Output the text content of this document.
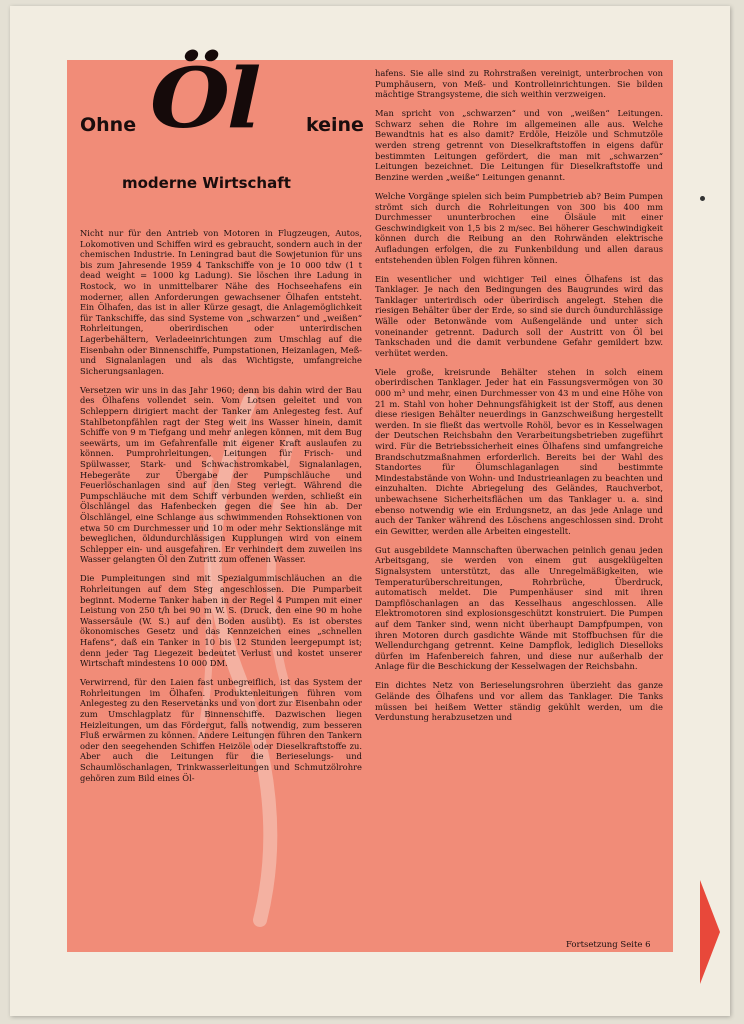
Ohne Öl	keine
moderne Wirtschaft

Nicht nur für den Antrieb von Motoren in Flugzeugen, Autos, Lokomotiven und Schiffen wird es gebraucht, sondern auch in der chemischen Industrie. In Leningrad baut die Sowjetunion für uns bis zum Jahresende 1959 4 Tankschiffe von je 10 000 tdw (1 t dead weight = 1000 kg Ladung). Sie löschen ihre Ladung in Rostock, wo in unmittelbarer Nähe des Hochseehafens ein moderner, allen Anforderungen gewachsener Ölhafen entsteht. Ein Ölhafen, das ist in aller Kürze gesagt, die Anlagemöglichkeit für Tankschiffe, das sind Systeme von „schwarzen“ und „weißen“ Rohrleitungen, oberirdischen oder unterirdischen Lagerbehältern, Verladeeinrichtungen zum Umschlag auf die Eisenbahn oder Binnenschiffe, Pumpstationen, Heizanlagen, Meß- und Signalanlagen und als das Wichtigste, umfangreiche Sicherungsanlagen.

Versetzen wir uns in das Jahr 1960; denn bis dahin wird der Bau des Ölhafens vollendet sein. Vom Lotsen geleitet und von Schleppern dirigiert macht der Tanker am Anlegesteg fest. Auf Stahlbetonpfählen ragt der Steg weit ins Wasser hinein, damit Schiffe von 9 m Tiefgang und mehr anlegen können, mit dem Bug seewärts, um im Gefahrenfalle mit eigener Kraft auslaufen zu können. Pumprohrleitungen, Leitungen für Frisch- und Spülwasser, Stark- und Schwachstromkabel, Signalanlagen, Hebegeräte zur Übergabe der Pumpschläuche und Feuerlöschanlagen sind auf den Steg verlegt. Während die Pumpschläuche mit dem Schiff verbunden werden, schließt ein Ölschlängel das Hafenbecken gegen die See hin ab. Der Ölschlängel, eine Schlange aus schwimmenden Rohsektionen von etwa 50 cm Durchmesser und 10 m oder mehr Sektionslänge mit beweglichen, öldundurchlässigen Kupplungen wird von einem Schlepper ein- und ausgefahren. Er verhindert dem zuweilen ins Wasser gelangten Öl den Zutritt zum offenen Wasser.

Die Pumpleitungen sind mit Spezialgummischläuchen an die Rohrleitungen auf dem Steg angeschlossen. Die Pumparbeit beginnt. Moderne Tanker haben in der Regel 4 Pumpen mit einer Leistung von 250 t/h bei 90 m W. S. (Druck, den eine 90 m hohe Wassersäule (W. S.) auf den Boden ausübt). Es ist oberstes ökonomisches Gesetz und das Kennzeichen eines „schnellen Hafens“, daß ein Tanker in 10 bis 12 Stunden leergepumpt ist; denn jeder Tag Liegezeit bedeutet Verlust und kostet unserer Wirtschaft mindestens 10 000 DM.

Verwirrend, für den Laien fast unbegreiflich, ist das System der Rohrleitungen im Ölhafen. Produktenleitungen führen vom Anlegesteg zu den Reservetanks und von dort zur Eisenbahn oder zum Umschlagplatz für Binnenschiffe. Dazwischen liegen Heizleitungen, um das Fördergut, falls notwendig, zum besseren Fluß erwärmen zu können. Andere Leitungen führen den Tankern oder den seegehenden Schiffen Heizöle oder Dieselkraftstoffe zu. Aber auch die Leitungen für die Berieselungs- und Schaumlöschanlagen, Trinkwasserleitungen und Schmutzölrohre gehören zum Bild eines Öl-

hafens. Sie alle sind zu Rohrstraßen vereinigt, unterbrochen von Pumphäusern, von Meß- und Kontrolleinrichtungen. Sie bilden mächtige Strangsysteme, die sich weithin verzweigen.

Man spricht von „schwarzen“ und von „weißen“ Leitungen. Schwarz sehen die Rohre im allgemeinen alle aus. Welche Bewandtnis hat es also damit? Erdöle, Heizöle und Schmutzöle werden streng getrennt von Dieselkraftstoffen in eigens dafür bestimmten Leitungen gefördert, die man mit „schwarzen“ Leitungen bezeichnet. Die Leitungen für Dieselkraftstoffe und Benzine werden „weiße“ Leitungen genannt.

Welche Vorgänge spielen sich beim Pumpbetrieb ab? Beim Pumpen strömt sich durch die Rohrleitungen von 300 bis 400 mm Durchmesser ununterbrochen eine Ölsäule mit einer Geschwindigkeit von 1,5 bis 2 m/sec. Bei höherer Geschwindigkeit können durch die Reibung an den Rohrwänden elektrische Aufladungen erfolgen, die zu Funkenbildung und allen daraus entstehenden üblen Folgen führen können.

Ein wesentlicher und wichtiger Teil eines Ölhafens ist das Tanklager. Je nach den Bedingungen des Baugrundes wird das Tanklager unterirdisch oder überirdisch angelegt. Stehen die riesigen Behälter über der Erde, so sind sie durch öundurchlässige Wälle oder Betonwände vom Außengelände und unter sich voneinander getrennt. Dadurch soll der Austritt von Öl bei Tankschaden und die damit verbundene Gefahr gemildert bzw. verhütet werden.

Viele große, kreisrunde Behälter stehen in solch einem oberirdischen Tanklager. Jeder hat ein Fassungsvermögen von 30 000 m³ und mehr, einen Durchmesser von 43 m und eine Höhe von 21 m. Stahl von hoher Dehnungsfähigkeit ist der Stoff, aus denen diese riesigen Behälter neuerdings in Ganzschweißung hergestellt werden. In sie fließt das wertvolle Rohöl, bevor es in Kesselwagen der Deutschen Reichsbahn den Verarbeitungsbetrieben zugeführt wird. Für die Betriebssicherheit eines Ölhafens sind umfangreiche Brandschutzmaßnahmen erforderlich. Bereits bei der Wahl des Standortes für Ölumschlaganlagen sind bestimmte Mindestabstände von Wohn- und Industrieanlagen zu beachten und einzuhalten. Dichte Abriegelung des Geländes, Rauchverbot, unbewachsene Sicherheitsflächen um das Tanklager u. a. sind ebenso notwendig wie ein Erdungsnetz, an das jede Anlage und auch der Tanker während des Löschens angeschlossen sind. Droht ein Gewitter, werden alle Arbeiten eingestellt.

Gut ausgebildete Mannschaften überwachen peinlich genau jeden Arbeitsgang, sie werden von einem gut ausgeklügelten Signalsystem unterstützt, das alle Unregelmäßigkeiten, wie Temperaturüberschreitungen, Rohrbrüche, Überdruck, automatisch meldet. Die Pumpenhäuser sind mit ihren Dampflöschanlagen an das Kesselhaus angeschlossen. Alle Elektromotoren sind explosionsgeschützt konstruiert. Die Pumpen auf dem Tanker sind, wenn nicht überhaupt Dampfpumpen, von ihren Motoren durch gasdichte Wände mit Stoffbuchsen für die Wellendurchgang getrennt. Keine Dampflok, lediglich Dieselloks dürfen im Hafenbereich fahren, und diese nur außerhalb der Anlage für die Beschickung der Kesselwagen der Reichsbahn.

Ein dichtes Netz von Berieselungsrohren überzieht das ganze Gelände des Ölhafens und vor allem das Tanklager. Die Tanks müssen bei heißem Wetter ständig gekühlt werden, um die Verdunstung herabzusetzen und

Fortsetzung Seite 6
